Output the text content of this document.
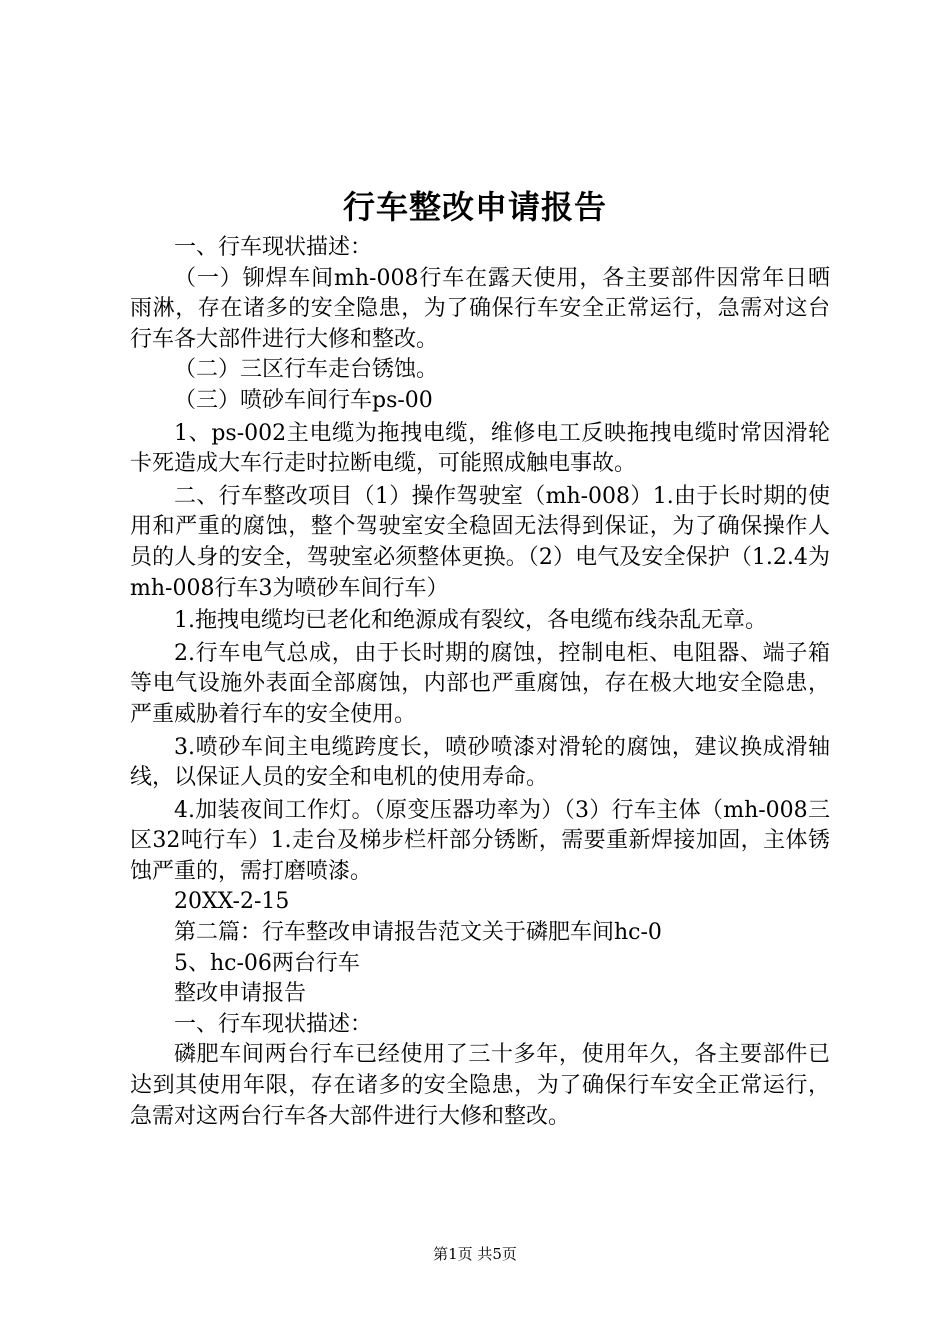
行车整改申请报告

一、行车现状描述：

（一）铆焊车间mh-008行车在露天使用，各主要部件因常年日晒雨淋，存在诸多的安全隐患，为了确保行车安全正常运行，急需对这台行车各大部件进行大修和整改。

（二）三区行车走台锈蚀。

（三）喷砂车间行车ps-00

1、ps-002主电缆为拖拽电缆，维修电工反映拖拽电缆时常因滑轮卡死造成大车行走时拉断电缆，可能照成触电事故。

二、行车整改项目（1）操作驾驶室（mh-008）1.由于长时期的使用和严重的腐蚀，整个驾驶室安全稳固无法得到保证，为了确保操作人员的人身的安全，驾驶室必须整体更换。（2）电气及安全保护（1.2.4为mh-008行车3为喷砂车间行车）

1.拖拽电缆均已老化和绝源成有裂纹，各电缆布线杂乱无章。

2.行车电气总成，由于长时期的腐蚀，控制电柜、电阻器、端子箱等电气设施外表面全部腐蚀，内部也严重腐蚀，存在极大地安全隐患，严重威胁着行车的安全使用。

3.喷砂车间主电缆跨度长，喷砂喷漆对滑轮的腐蚀，建议换成滑轴线，以保证人员的安全和电机的使用寿命。

4.加装夜间工作灯。（原变压器功率为）（3）行车主体（mh-008三区32吨行车）1.走台及梯步栏杆部分锈断，需要重新焊接加固，主体锈蚀严重的，需打磨喷漆。

20XX-2-15

第二篇：行车整改申请报告范文关于磷肥车间hc-0

5、hc-06两台行车

整改申请报告

一、行车现状描述：

磷肥车间两台行车已经使用了三十多年，使用年久，各主要部件已达到其使用年限，存在诸多的安全隐患，为了确保行车安全正常运行，急需对这两台行车各大部件进行大修和整改。

第1页 共5页
